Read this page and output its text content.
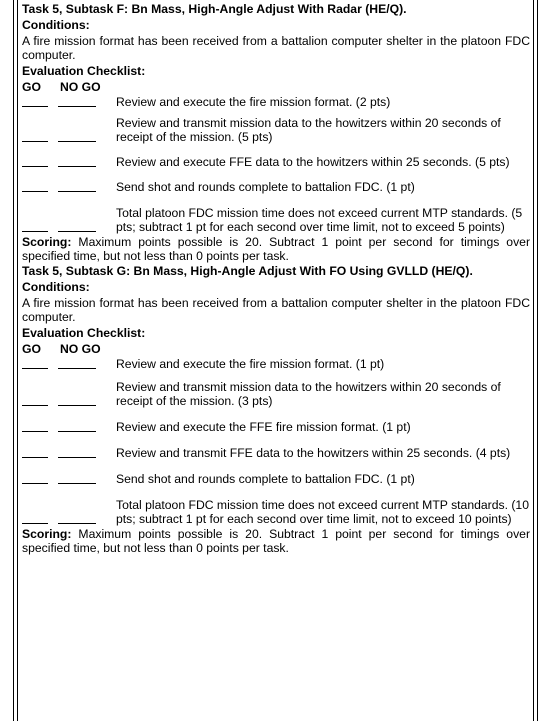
Task 5, Subtask F: Bn Mass, High-Angle Adjust With Radar (HE/Q).

Conditions:

A fire mission format has been received from a battalion computer shelter in the platoon FDC computer.

Evaluation Checklist:

GO	NO GO
Review and execute the fire mission format. (2 pts)
Review and transmit mission data to the howitzers within 20 seconds of receipt of the mission. (5 pts)
Review and execute FFE data to the howitzers within 25 seconds. (5 pts)
Send shot and rounds complete to battalion FDC. (1 pt)
Total platoon FDC mission time does not exceed current MTP standards. (5 pts; subtract 1 pt for each second over time limit, not to exceed 5 points)

Scoring: Maximum points possible is 20. Subtract 1 point per second for timings over specified time, but not less than 0 points per task.

Task 5, Subtask G: Bn Mass, High-Angle Adjust With FO Using GVLLD (HE/Q).

Conditions:

A fire mission format has been received from a battalion computer shelter in the platoon FDC computer.

Evaluation Checklist:

GO	NO GO
Review and execute the fire mission format. (1 pt)
Review and transmit mission data to the howitzers within 20 seconds of receipt of the mission. (3 pts)
Review and execute the FFE fire mission format. (1 pt)
Review and transmit FFE data to the howitzers within 25 seconds. (4 pts)
Send shot and rounds complete to battalion FDC. (1 pt)
Total platoon FDC mission time does not exceed current MTP standards. (10 pts; subtract 1 pt for each second over time limit, not to exceed 10 points)

Scoring: Maximum points possible is 20. Subtract 1 point per second for timings over specified time, but not less than 0 points per task.
